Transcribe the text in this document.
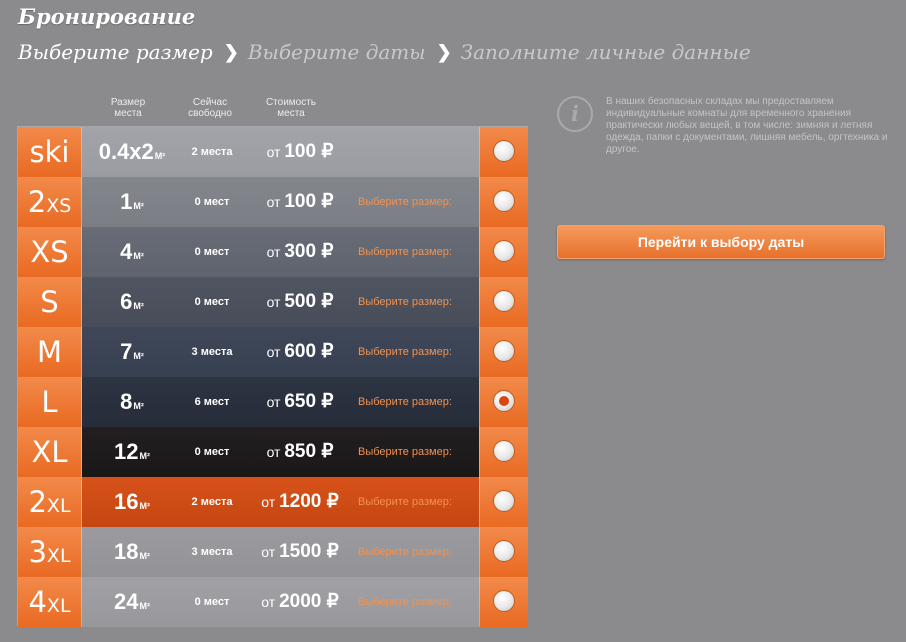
Бронирование
Выберите размер ❯ Выберите даты ❯ Заполните личные данные
Размер
места
Сейчас
свободно
Стоимость
места
ski	0.4x2М²	2 места	от 100 ₽
2XS	1М²	0 мест	от 100 ₽	Выберите размер:
XS	4М²	0 мест	от 300 ₽	Выберите размер:
S	6М²	0 мест	от 500 ₽	Выберите размер:
M	7М²	3 места	от 600 ₽	Выберите размер:
L	8М²	6 мест	от 650 ₽	Выберите размер:
XL	12М²	0 мест	от 850 ₽	Выберите размер:
2XL	16М²	2 места	от 1200 ₽	Выберите размер:
3XL	18М²	3 места	от 1500 ₽	Выберите размер:
4XL	24М²	0 мест	от 2000 ₽	Выберите размер:
i	В наших безопасных складах мы предоставляем индивидуальные комнаты для временного хранения практически любых вещей, в том числе: зимняя и летняя одежда, папки с документами, лишняя мебель, оргтехника и другое.
Перейти к выбору даты
